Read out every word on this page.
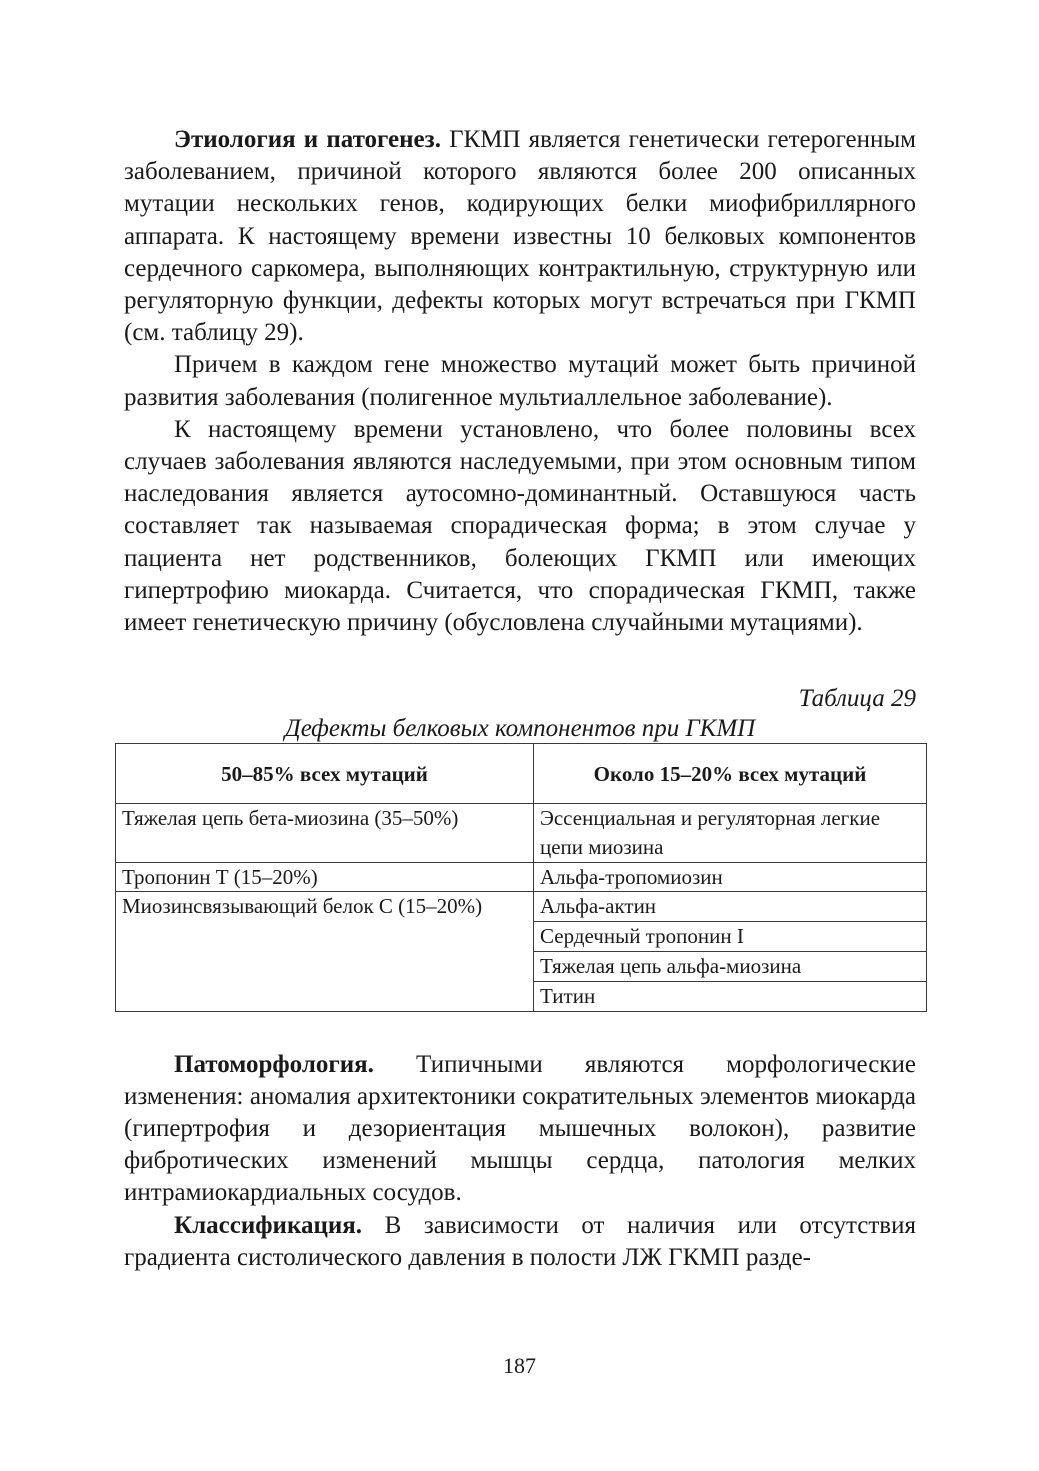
Этиология и патогенез. ГКМП является генетически гетерогенным заболеванием, причиной которого являются более 200 описанных мутации нескольких генов, кодирующих белки миофибриллярного аппарата. К настоящему времени известны 10 белковых компонентов сердечного саркомера, выполняющих контрактильную, структурную или регуляторную функции, дефекты которых могут встречаться при ГКМП (см. таблицу 29).

Причем в каждом гене множество мутаций может быть причиной развития заболевания (полигенное мультиаллельное заболевание).

К настоящему времени установлено, что более половины всех случаев заболевания являются наследуемыми, при этом основным типом наследования является аутосомно-доминантный. Оставшуюся часть составляет так называемая спорадическая форма; в этом случае у пациента нет родственников, болеющих ГКМП или имеющих гипертрофию миокарда. Считается, что спорадическая ГКМП, также имеет генетическую причину (обусловлена случайными мутациями).

Таблица 29
Дефекты белковых компонентов при ГКМП
50–85% всех мутаций	Около 15–20% всех мутаций
Тяжелая цепь бета-миозина (35–50%)	Эссенциальная и регуляторная легкие цепи миозина
Тропонин Т (15–20%)	Альфа-тропомиозин
Миозинсвязывающий белок С (15–20%)	Альфа-актин
	Сердечный тропонин I
	Тяжелая цепь альфа-миозина
	Титин

Патоморфология. Типичными являются морфологические изменения: аномалия архитектоники сократительных элементов миокарда (гипертрофия и дезориентация мышечных волокон), развитие фибротических изменений мышцы сердца, патология мелких интрамиокардиальных сосудов.

Классификация. В зависимости от наличия или отсутствия градиента систолического давления в полости ЛЖ ГКМП разде-

187
